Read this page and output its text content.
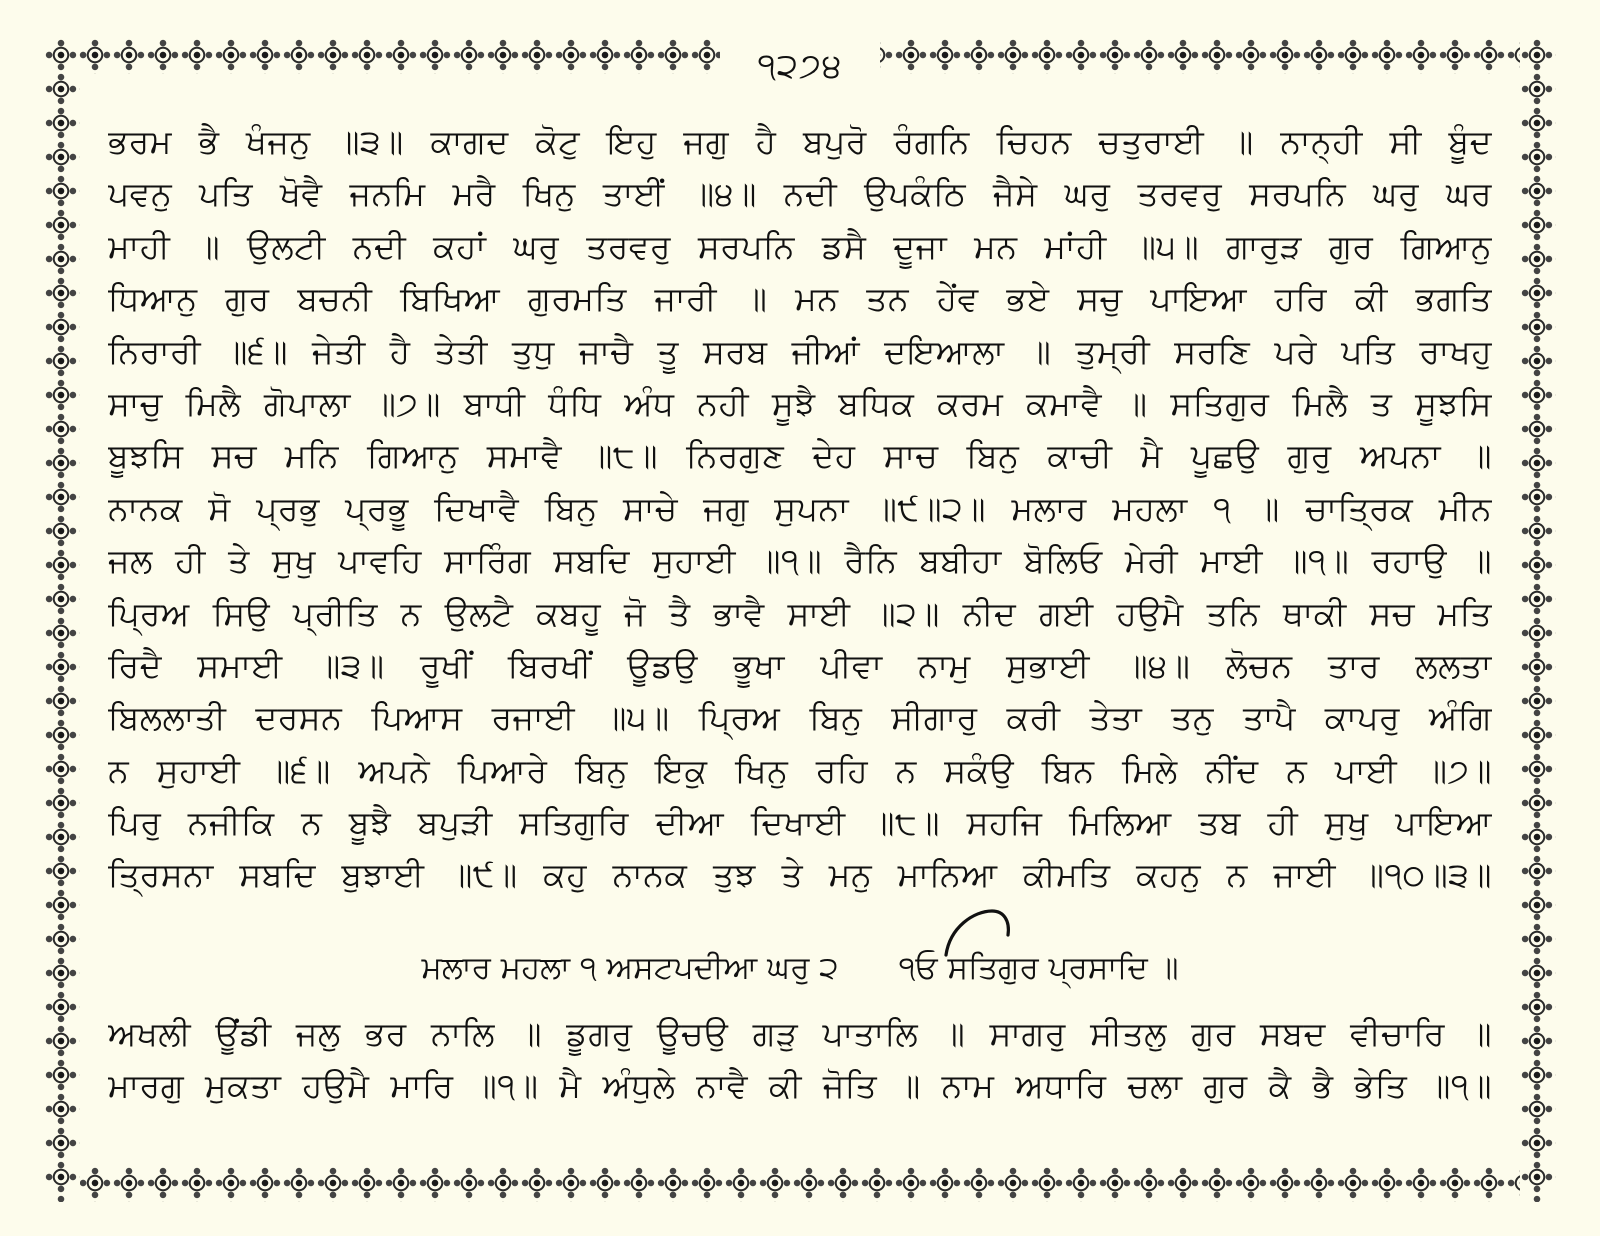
੧੨੭੪
ਭਰਮ ਭੈ ਖੰਜਨੁ ॥੩॥ ਕਾਗਦ ਕੋਟੁ ਇਹੁ ਜਗੁ ਹੈ ਬਪੁਰੋ ਰੰਗਨਿ ਚਿਹਨ ਚਤੁਰਾਈ ॥ ਨਾਨ੍ਹੀ ਸੀ ਬੂੰਦ
ਪਵਨੁ ਪਤਿ ਖੋਵੈ ਜਨਮਿ ਮਰੈ ਖਿਨੁ ਤਾਈਂ ॥੪॥ ਨਦੀ ਉਪਕੰਠਿ ਜੈਸੇ ਘਰੁ ਤਰਵਰੁ ਸਰਪਨਿ ਘਰੁ ਘਰ
ਮਾਹੀ ॥ ਉਲਟੀ ਨਦੀ ਕਹਾਂ ਘਰੁ ਤਰਵਰੁ ਸਰਪਨਿ ਡਸੈ ਦੂਜਾ ਮਨ ਮਾਂਹੀ ॥੫॥ ਗਾਰੁੜ ਗੁਰ ਗਿਆਨੁ
ਧਿਆਨੁ ਗੁਰ ਬਚਨੀ ਬਿਖਿਆ ਗੁਰਮਤਿ ਜਾਰੀ ॥ ਮਨ ਤਨ ਹੇਂਵ ਭਏ ਸਚੁ ਪਾਇਆ ਹਰਿ ਕੀ ਭਗਤਿ
ਨਿਰਾਰੀ ॥੬॥ ਜੇਤੀ ਹੈ ਤੇਤੀ ਤੁਧੁ ਜਾਚੈ ਤੂ ਸਰਬ ਜੀਆਂ ਦਇਆਲਾ ॥ ਤੁਮ੍ਰੀ ਸਰਣਿ ਪਰੇ ਪਤਿ ਰਾਖਹੁ
ਸਾਚੁ ਮਿਲੈ ਗੋਪਾਲਾ ॥੭॥ ਬਾਧੀ ਧੰਧਿ ਅੰਧ ਨਹੀ ਸੂਝੈ ਬਧਿਕ ਕਰਮ ਕਮਾਵੈ ॥ ਸਤਿਗੁਰ ਮਿਲੈ ਤ ਸੂਝਸਿ
ਬੂਝਸਿ ਸਚ ਮਨਿ ਗਿਆਨੁ ਸਮਾਵੈ ॥੮॥ ਨਿਰਗੁਣ ਦੇਹ ਸਾਚ ਬਿਨੁ ਕਾਚੀ ਮੈ ਪੂਛਉ ਗੁਰੁ ਅਪਨਾ ॥
ਨਾਨਕ ਸੋ ਪ੍ਰਭੁ ਪ੍ਰਭੂ ਦਿਖਾਵੈ ਬਿਨੁ ਸਾਚੇ ਜਗੁ ਸੁਪਨਾ ॥੯॥੨॥ ਮਲਾਰ ਮਹਲਾ ੧ ॥ ਚਾਤ੍ਰਿਕ ਮੀਨ
ਜਲ ਹੀ ਤੇ ਸੁਖੁ ਪਾਵਹਿ ਸਾਰਿੰਗ ਸਬਦਿ ਸੁਹਾਈ ॥੧॥ ਰੈਨਿ ਬਬੀਹਾ ਬੋਲਿਓ ਮੇਰੀ ਮਾਈ ॥੧॥ ਰਹਾਉ ॥
ਪ੍ਰਿਅ ਸਿਉ ਪ੍ਰੀਤਿ ਨ ਉਲਟੈ ਕਬਹੂ ਜੋ ਤੈ ਭਾਵੈ ਸਾਈ ॥੨॥ ਨੀਦ ਗਈ ਹਉਮੈ ਤਨਿ ਥਾਕੀ ਸਚ ਮਤਿ
ਰਿਦੈ ਸਮਾਈ ॥੩॥ ਰੂਖੀਂ ਬਿਰਖੀਂ ਊਡਉ ਭੂਖਾ ਪੀਵਾ ਨਾਮੁ ਸੁਭਾਈ ॥੪॥ ਲੋਚਨ ਤਾਰ ਲਲਤਾ
ਬਿਲਲਾਤੀ ਦਰਸਨ ਪਿਆਸ ਰਜਾਈ ॥੫॥ ਪ੍ਰਿਅ ਬਿਨੁ ਸੀਗਾਰੁ ਕਰੀ ਤੇਤਾ ਤਨੁ ਤਾਪੈ ਕਾਪਰੁ ਅੰਗਿ
ਨ ਸੁਹਾਈ ॥੬॥ ਅਪਨੇ ਪਿਆਰੇ ਬਿਨੁ ਇਕੁ ਖਿਨੁ ਰਹਿ ਨ ਸਕੰਉ ਬਿਨ ਮਿਲੇ ਨੀਂਦ ਨ ਪਾਈ ॥੭॥
ਪਿਰੁ ਨਜੀਕਿ ਨ ਬੂਝੈ ਬਪੁੜੀ ਸਤਿਗੁਰਿ ਦੀਆ ਦਿਖਾਈ ॥੮॥ ਸਹਜਿ ਮਿਲਿਆ ਤਬ ਹੀ ਸੁਖੁ ਪਾਇਆ
ਤ੍ਰਿਸਨਾ ਸਬਦਿ ਬੁਝਾਈ ॥੯॥ ਕਹੁ ਨਾਨਕ ਤੁਝ ਤੇ ਮਨੁ ਮਾਨਿਆ ਕੀਮਤਿ ਕਹਨੁ ਨ ਜਾਈ ॥੧੦॥੩॥
ਮਲਾਰ ਮਹਲਾ ੧ ਅਸਟਪਦੀਆ ਘਰੁ ੨ ੧ਓ ਸਤਿਗੁਰ ਪ੍ਰਸਾਦਿ ॥
ਅਖਲੀ ਊਂਡੀ ਜਲੁ ਭਰ ਨਾਲਿ ॥ ਡੂਗਰੁ ਊਚਉ ਗੜੁ ਪਾਤਾਲਿ ॥ ਸਾਗਰੁ ਸੀਤਲੁ ਗੁਰ ਸਬਦ ਵੀਚਾਰਿ ॥
ਮਾਰਗੁ ਮੁਕਤਾ ਹਉਮੈ ਮਾਰਿ ॥੧॥ ਮੈ ਅੰਧੁਲੇ ਨਾਵੈ ਕੀ ਜੋਤਿ ॥ ਨਾਮ ਅਧਾਰਿ ਚਲਾ ਗੁਰ ਕੈ ਭੈ ਭੇਤਿ ॥੧॥
